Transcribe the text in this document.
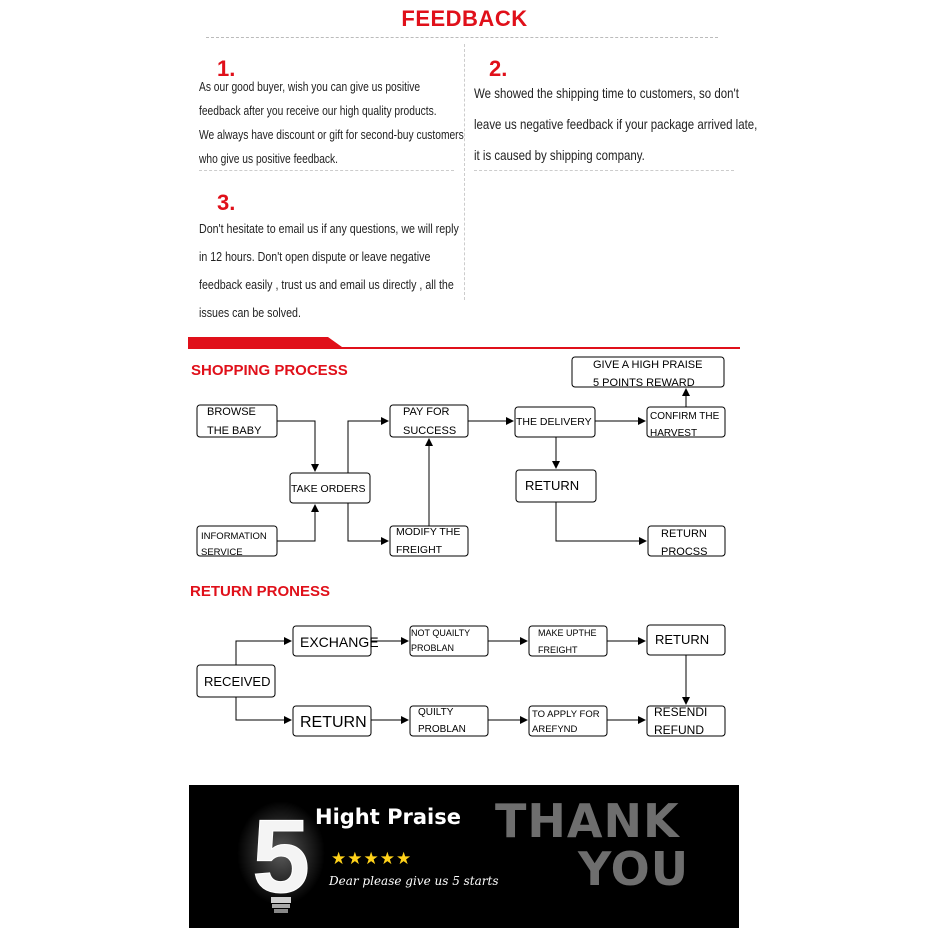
FEEDBACK
1.
As our good buyer, wish you can give us positive
feedback after you receive our high quality products.
We always have discount or gift for second-buy customers
who give us positive feedback.
2.
We showed the shipping time to customers, so don't
leave us negative feedback if your package arrived late,
it is caused by shipping company.
3.
Don't hesitate to email us if any questions, we will reply
in 12 hours. Don't open dispute or leave negative
feedback easily , trust us and email us directly , all the
issues can be solved.
SHOPPING PROCESS
BROWSE
THE BABY
INFORMATION
SERVICE
TAKE ORDERS
PAY FOR
SUCCESS
MODIFY THE
FREIGHT
THE DELIVERY
RETURN
CONFIRM THE
HARVEST
GIVE A HIGH PRAISE
5 POINTS REWARD
RETURN
PROCSS
RETURN PRONESS
RECEIVED
EXCHANGE
NOT QUAILTY
PROBLAN
MAKE UPTHE
FREIGHT
RETURN
RETURN
QUILTY
PROBLAN
TO APPLY FOR
AREFYND
RESENDI
REFUND
5 Hight Praise
★★★★★
Dear please give us 5 starts
THANK
YOU
